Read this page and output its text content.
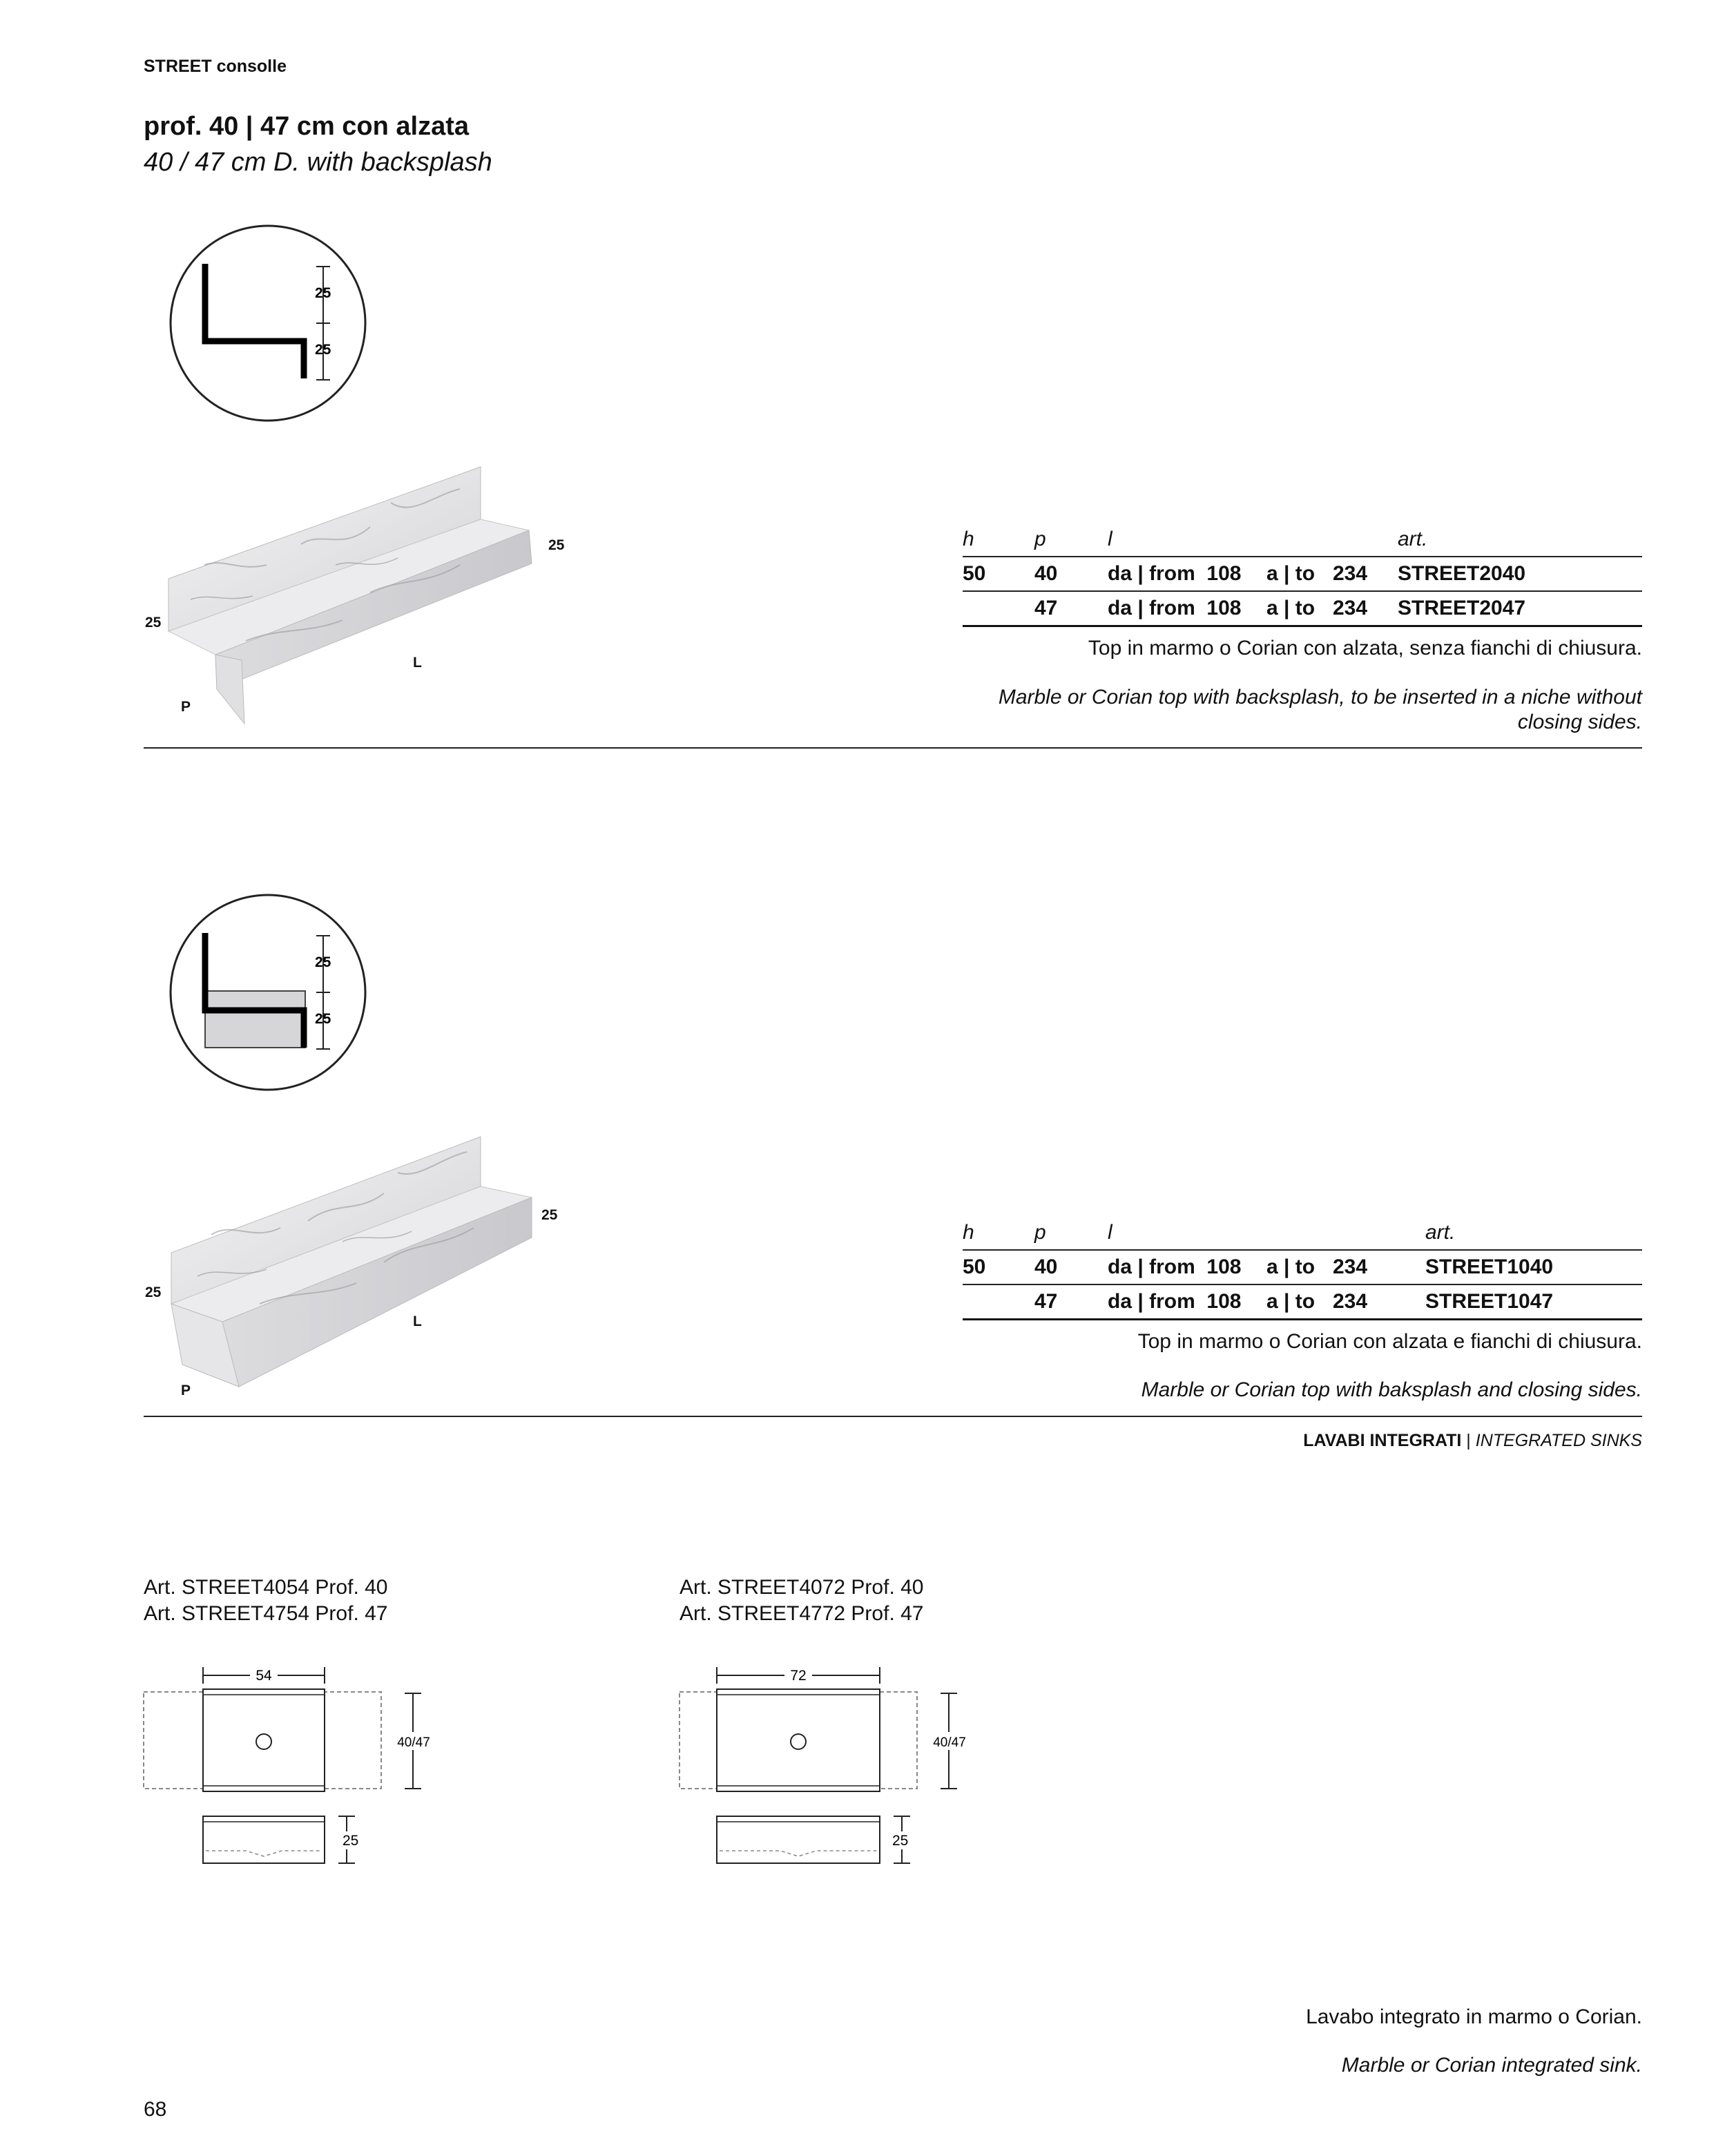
STREET consolle
prof. 40 | 47 cm con alzata
40 / 47 cm D. with backsplash
25
25
25
25
L
P
h	p	l			art.
50	40	da | from 108	a | to	234	STREET2040
	47	da | from 108	a | to	234	STREET2047
Top in marmo o Corian con alzata, senza fianchi di chiusura.
Marble or Corian top with backsplash, to be inserted in a niche without
closing sides.
25
25
25
25
L
P
h	p	l			art.
50	40	da | from 108	a | to	234	STREET1040
	47	da | from 108	a | to	234	STREET1047
Top in marmo o Corian con alzata e fianchi di chiusura.
Marble or Corian top with baksplash and closing sides.
LAVABI INTEGRATI | INTEGRATED SINKS
Art. STREET4054 Prof. 40
Art. STREET4754 Prof. 47
Art. STREET4072 Prof. 40
Art. STREET4772 Prof. 47
54
40/47
25
72
40/47
25
Lavabo integrato in marmo o Corian.
Marble or Corian integrated sink.
68
